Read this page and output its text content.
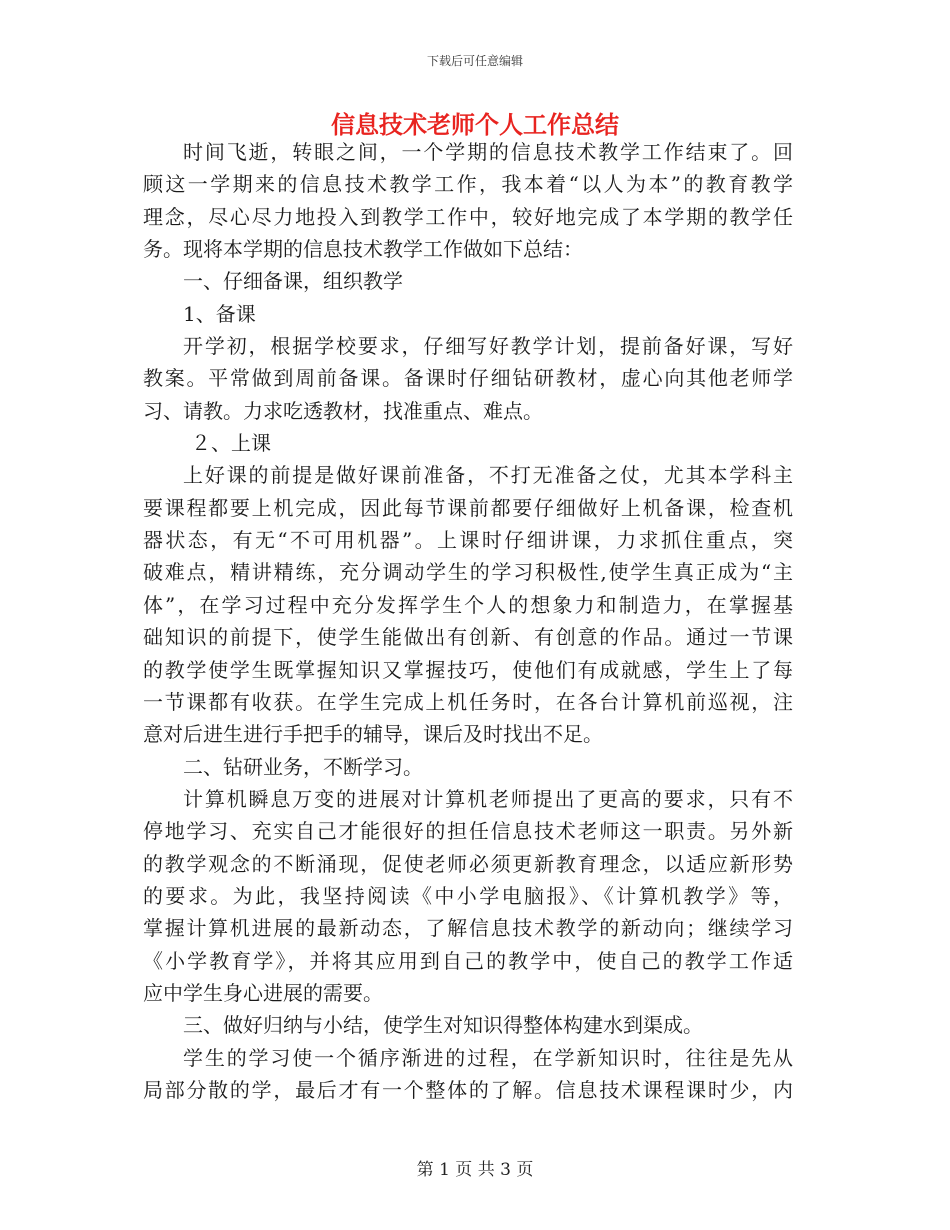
下载后可任意编辑
信息技术老师个人工作总结
时间飞逝，转眼之间，一个学期的信息技术教学工作结束了。回
顾这一学期来的信息技术教学工作，我本着“以人为本”的教育教学
理念，尽心尽力地投入到教学工作中，较好地完成了本学期的教学任
务。现将本学期的信息技术教学工作做如下总结：
一、仔细备课，组织教学
1、备课
开学初，根据学校要求，仔细写好教学计划，提前备好课，写好
教案。平常做到周前备课。备课时仔细钻研教材，虚心向其他老师学
习、请教。力求吃透教材，找准重点、难点。
２、上课
上好课的前提是做好课前准备，不打无准备之仗，尤其本学科主
要课程都要上机完成，因此每节课前都要仔细做好上机备课，检查机
器状态，有无“不可用机器”。上课时仔细讲课，力求抓住重点，突
破难点，精讲精练，充分调动学生的学习积极性,使学生真正成为“主
体”，在学习过程中充分发挥学生个人的想象力和制造力，在掌握基
础知识的前提下，使学生能做出有创新、有创意的作品。通过一节课
的教学使学生既掌握知识又掌握技巧，使他们有成就感，学生上了每
一节课都有收获。在学生完成上机任务时，在各台计算机前巡视，注
意对后进生进行手把手的辅导，课后及时找出不足。
二、钻研业务，不断学习。
计算机瞬息万变的进展对计算机老师提出了更高的要求，只有不
停地学习、充实自己才能很好的担任信息技术老师这一职责。另外新
的教学观念的不断涌现，促使老师必须更新教育理念，以适应新形势
的要求。为此，我坚持阅读《中小学电脑报》、《计算机教学》等，
掌握计算机进展的最新动态，了解信息技术教学的新动向；继续学习
《小学教育学》，并将其应用到自己的教学中，使自己的教学工作适
应中学生身心进展的需要。
三、做好归纳与小结，使学生对知识得整体构建水到渠成。
学生的学习使一个循序渐进的过程，在学新知识时，往往是先从
局部分散的学，最后才有一个整体的了解。信息技术课程课时少，内
第 1 页 共 3 页
